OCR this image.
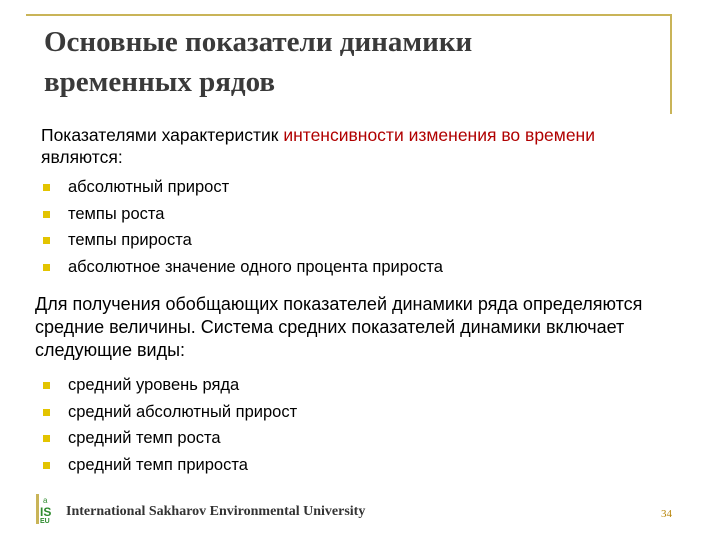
Основные показатели динамики
временных рядов
Показателями характеристик интенсивности изменения во времени являются:
абсолютный прирост
темпы роста
темпы прироста
абсолютное значение одного процента прироста
Для получения обобщающих показателей динамики ряда определяются средние величины. Система средних показателей динамики включает следующие виды:
средний уровень ряда
средний абсолютный прирост
средний темп роста
средний темп прироста
a
IS
EU
International Sakharov Environmental University	34
